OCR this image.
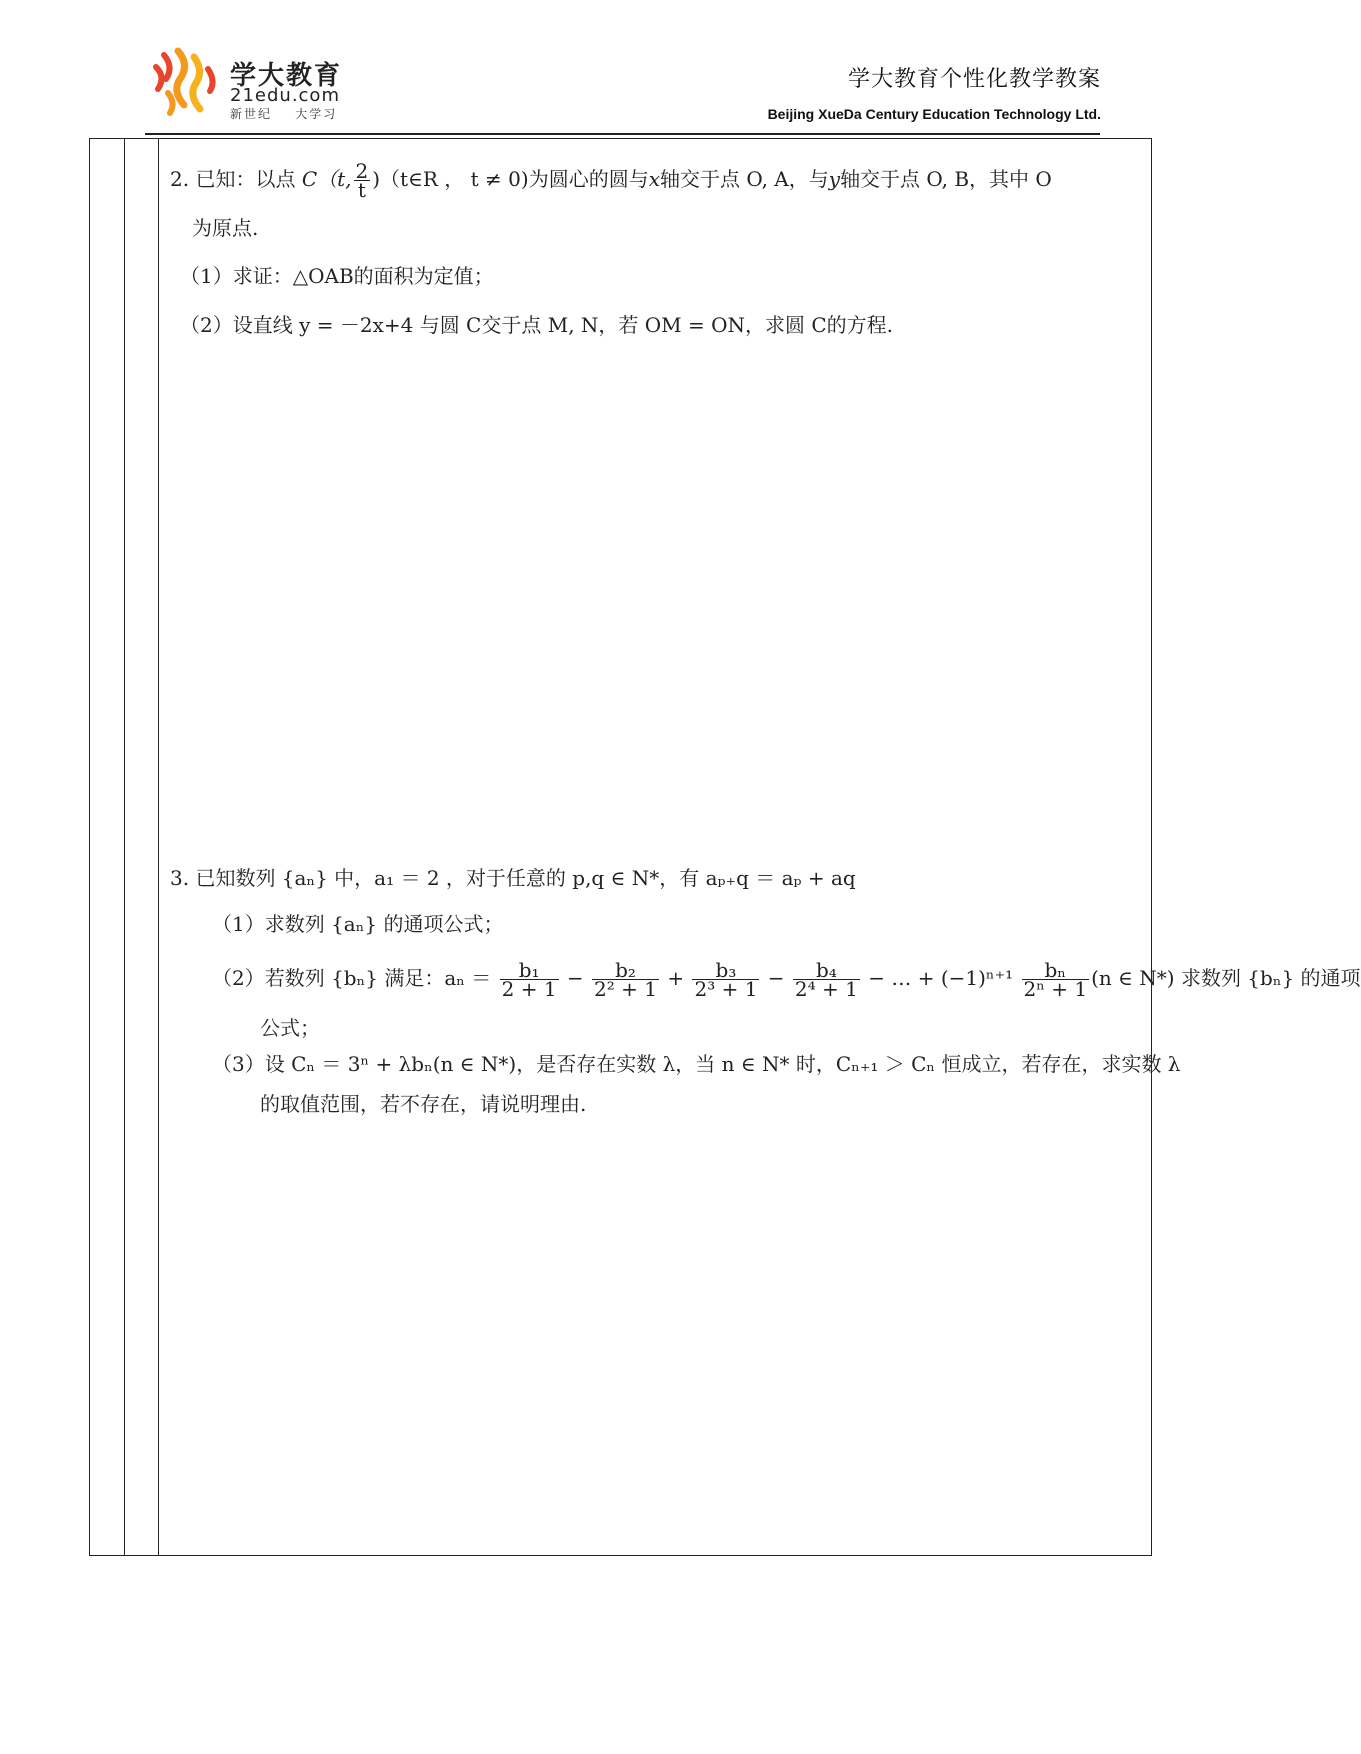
学大教育
21edu.com
新世纪    大学习
学大教育个性化教学教案
Beijing XueDa Century Education Technology Ltd.
2. 已知：以点 C（t, $\frac{2}{t}$ )（t∈R ， t ≠ 0)为圆心的圆与x轴交于点 O, A，与y轴交于点 O, B，其中 O
为原点.
（1）求证：△OAB的面积为定值；
（2）设直线 y = －2x+4 与圆 C交于点 M, N，若 OM = ON，求圆 C的方程.
3. 已知数列 {aₙ} 中，a₁ ＝ 2 ，对于任意的 p,q ∈ N*，有 aₚ₊q ＝ aₚ + aq
（1）求数列 {aₙ} 的通项公式；
（2）若数列 {bₙ} 满足：$a_n = \frac{\text{b₁}}{2 + 1} - \frac{\text{b₂}}{\text{2² + 1}} + \frac{\text{b₃}}{\text{2³ + 1}} - \frac{\text{b₄}}{\text{2⁴ + 1}}$ − … + $(-1)^{n+1} \frac{\text{bₙ}}{\text{2ⁿ + 1}} (n$ ∈ N*) 求数列 {bₙ} 的通项
公式；
（3）设 Cₙ ＝ 3ⁿ + λbₙ(n ∈ N*)，是否存在实数 λ，当 n ∈ N* 时，Cₙ₊₁ ＞ Cₙ 恒成立，若存在，求实数 λ
的取值范围，若不存在，请说明理由.
